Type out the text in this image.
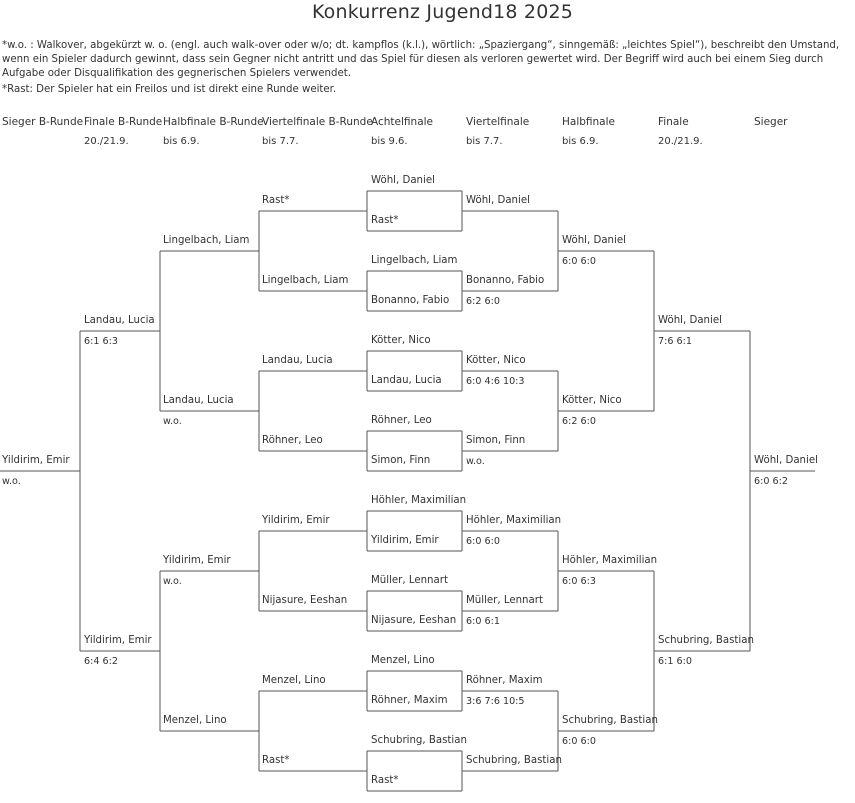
Konkurrenz Jugend18 2025
*w.o. : Walkover, abgekürzt w. o. (engl. auch walk-over oder w/o; dt. kampflos (k.l.), wörtlich: „Spaziergang“, sinngemäß: „leichtes Spiel“), beschreibt den Umstand, wenn ein Spieler dadurch gewinnt, dass sein Gegner nicht antritt und das Spiel für diesen als verloren gewertet wird. Der Begriff wird auch bei einem Sieg durch Aufgabe oder Disqualifikation des gegnerischen Spielers verwendet.
*Rast: Der Spieler hat ein Freilos und ist direkt eine Runde weiter.
Sieger B-Runde Finale B-Runde
20./21.9.
Halbfinale B-Runde
bis 6.9.
Viertelfinale B-Runde
bis 7.7.
Achtelfinale
bis 9.6.
Viertelfinale
bis 7.7.
Halbfinale
bis 6.9.
Finale
20./21.9.
Sieger
Wöhl, Daniel
Rast*
Lingelbach, Liam
Bonanno, Fabio
Kötter, Nico
Landau, Lucia
Röhner, Leo
Simon, Finn
Höhler, Maximilian
Yildirim, Emir
Müller, Lennart
Nijasure, Eeshan
Menzel, Lino
Röhner, Maxim
Schubring, Bastian
Rast*
Wöhl, Daniel
Bonanno, Fabio
6:2 6:0
Kötter, Nico
6:0 4:6 10:3
Simon, Finn
w.o.
Höhler, Maximilian
6:0 6:0
Müller, Lennart
6:0 6:1
Röhner, Maxim
3:6 7:6 10:5
Schubring, Bastian
Wöhl, Daniel
6:0 6:0
Kötter, Nico
6:2 6:0
Höhler, Maximilian
6:0 6:3
Schubring, Bastian
6:0 6:0
Wöhl, Daniel
7:6 6:1
Schubring, Bastian
6:1 6:0
Wöhl, Daniel
6:0 6:2
Rast*
Lingelbach, Liam
Landau, Lucia
Röhner, Leo
Yildirim, Emir
Nijasure, Eeshan
Menzel, Lino
Rast*
Lingelbach, Liam
Landau, Lucia
w.o.
Yildirim, Emir
w.o.
Menzel, Lino
Landau, Lucia
6:1 6:3
Yildirim, Emir
6:4 6:2
Yildirim, Emir
w.o.
